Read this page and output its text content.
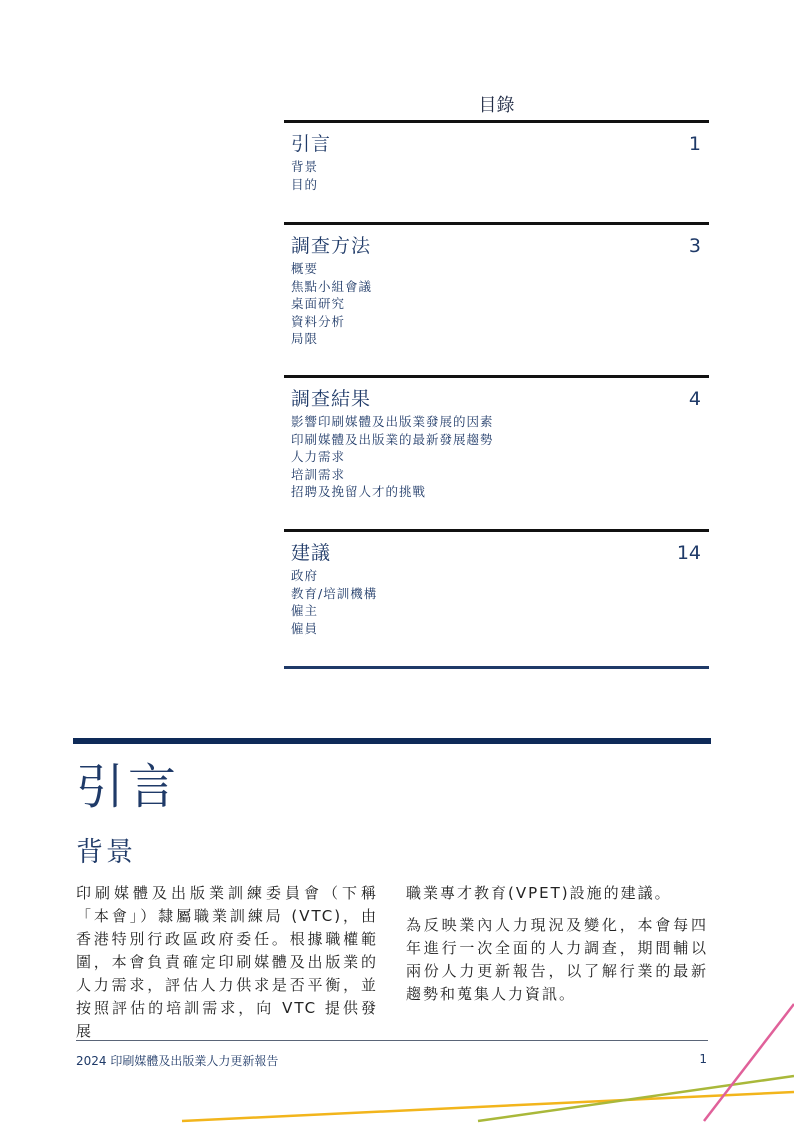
目錄
引言	1
背景
目的
調查方法	3
概要
焦點小組會議
桌面研究
資料分析
局限
調查結果	4
影響印刷媒體及出版業發展的因素
印刷媒體及出版業的最新發展趨勢
人力需求
培訓需求
招聘及挽留人才的挑戰
建議	14
政府
教育/培訓機構
僱主
僱員
引言
背景

印刷媒體及出版業訓練委員會（下稱「本會」）隸屬職業訓練局 (VTC)，由香港特別行政區政府委任。根據職權範圍，本會負責確定印刷媒體及出版業的人力需求，評估人力供求是否平衡，並按照評估的培訓需求，向 VTC 提供發展

職業專才教育(VPET)設施的建議。

為反映業內人力現況及變化，本會每四年進行一次全面的人力調查，期間輔以兩份人力更新報告，以了解行業的最新趨勢和蒐集人力資訊。

2024 印刷媒體及出版業人力更新報告	1
